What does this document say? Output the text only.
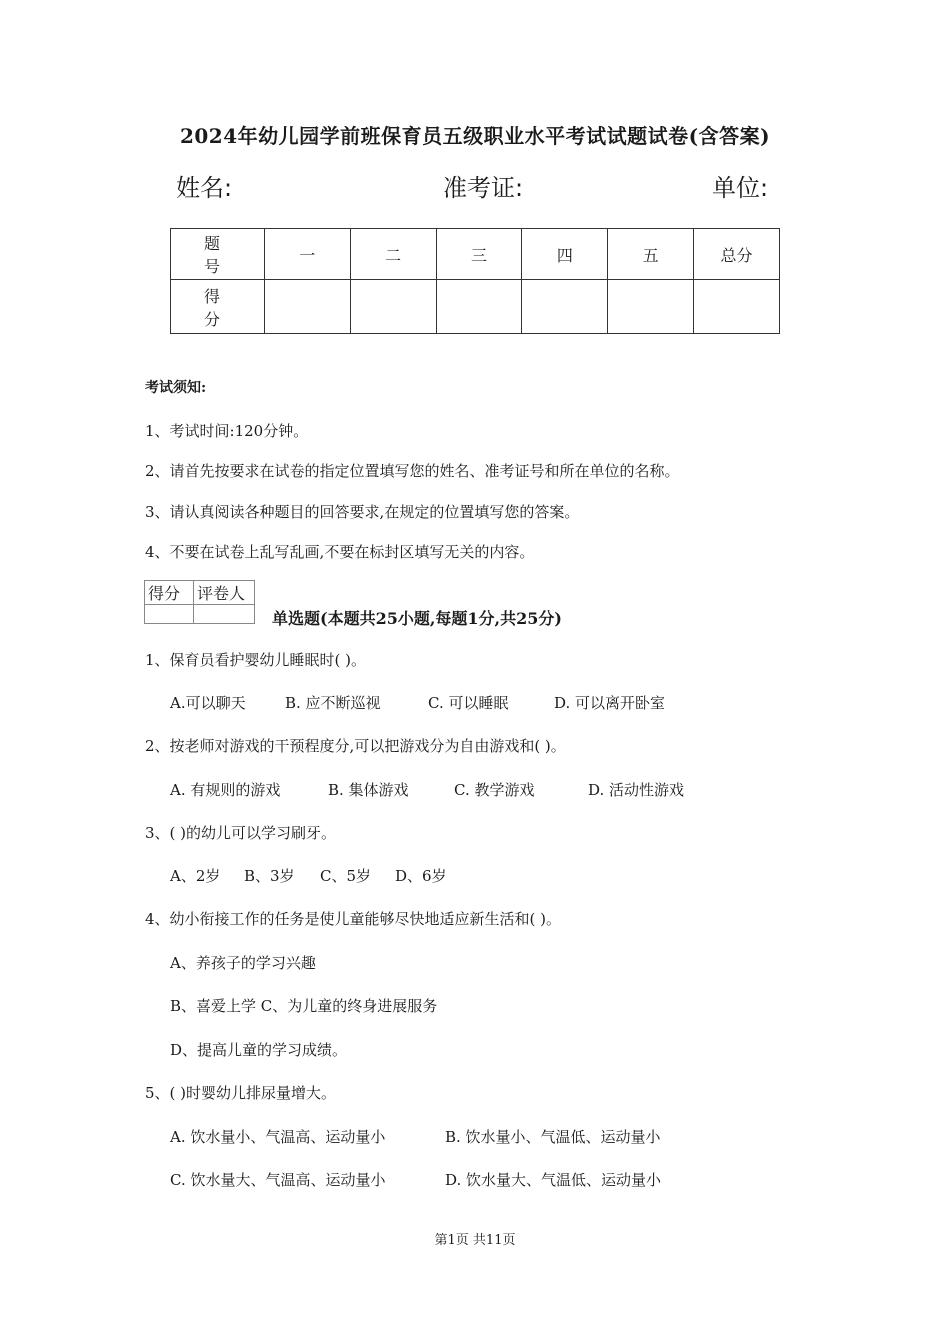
2024年幼儿园学前班保育员五级职业水平考试试题试卷(含答案)
姓名:	准考证:	单位:
题 号	一	二	三	四	五	总分
得 分						
考试须知:
1、考试时间:120分钟。
2、请首先按要求在试卷的指定位置填写您的姓名、准考证号和所在单位的名称。
3、请认真阅读各种题目的回答要求,在规定的位置填写您的答案。
4、不要在试卷上乱写乱画,不要在标封区填写无关的内容。
得分	评卷人

单选题(本题共25小题,每题1分,共25分)
1、保育员看护婴幼儿睡眠时( )。
A.可以聊天	B. 应不断巡视	C. 可以睡眠	D. 可以离开卧室
2、按老师对游戏的干预程度分,可以把游戏分为自由游戏和( )。
A. 有规则的游戏	B. 集体游戏	C. 教学游戏	D. 活动性游戏
3、( )的幼儿可以学习刷牙。
A、2岁 B、3岁 C、5岁 D、6岁
4、幼小衔接工作的任务是使儿童能够尽快地适应新生活和( )。
A、养孩子的学习兴趣
B、喜爱上学 C、为儿童的终身进展服务
D、提高儿童的学习成绩。
5、( )时婴幼儿排尿量增大。
A. 饮水量小、气温高、运动量小	B. 饮水量小、气温低、运动量小
C. 饮水量大、气温高、运动量小	D. 饮水量大、气温低、运动量小
第1页 共11页
